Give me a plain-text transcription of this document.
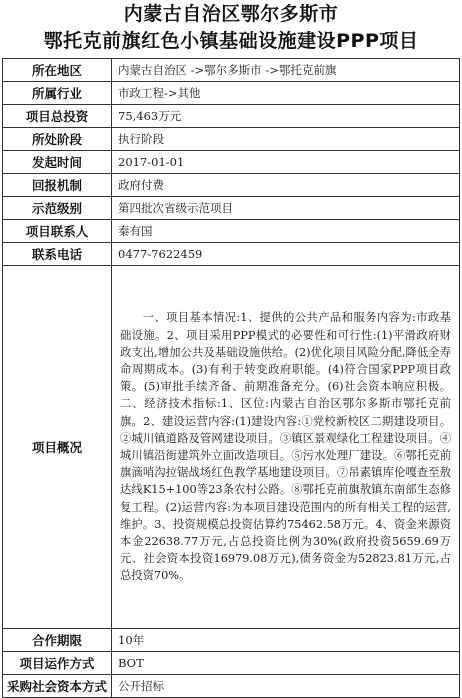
内蒙古自治区鄂尔多斯市
鄂托克前旗红色小镇基础设施建设PPP项目
所在地区	内蒙古自治区 ->鄂尔多斯市 ->鄂托克前旗
所属行业	市政工程->其他
项目总投资	75,463万元
所处阶段	执行阶段
发起时间	2017-01-01
回报机制	政府付费
示范级别	第四批次省级示范项目
项目联系人	秦有国
联系电话	0477-7622459
项目概况	一、项目基本情况:1、提供的公共产品和服务内容为:市政基础设施。2、项目采用PPP模式的必要性和可行性:(1)平滑政府财政支出,增加公共及基础设施供给。(2)优化项目风险分配,降低全寿命周期成本。(3)有利于转变政府职能。(4)符合国家PPP项目政策。(5)审批手续齐备、前期准备充分。(6)社会资本响应积极。二、经济技术指标:1、区位:内蒙古自治区鄂尔多斯市鄂托克前旗。2、建设运营内容:(1)建设内容:①党校新校区二期建设项目。②城川镇道路及管网建设项目。③镇区景观绿化工程建设项目。④城川镇沿街建筑外立面改造项目。⑤污水处理厂建设。⑥鄂托克前旗滴哨沟拉锯战场红色教学基地建设项目。⑦吊素镇库伦嘎查至敖达线K15+100等23条农村公路。⑧鄂托克前旗敖镇东南部生态修复工程。(2)运营内容:为本项目建设范围内的所有相关工程的运营,维护。3、投资规模总投资估算约75462.58万元。4、资金来源资本金22638.77万元,占总投资比例为30%(政府投资5659.69万元、社会资本投资16979.08万元),债务资金为52823.81万元,占总投资70%。

合作期限	10年
项目运作方式	BOT
采购社会资本方式	公开招标
